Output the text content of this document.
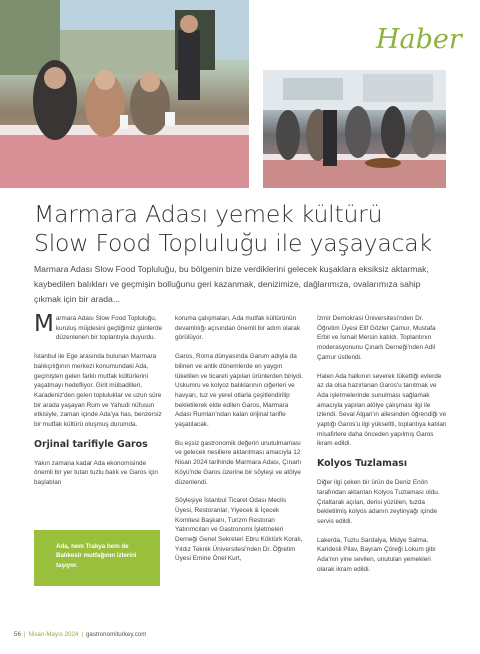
Haber
Marmara Adası yemek kültürü
Slow Food Topluluğu ile yaşayacak
Marmara Adası Slow Food Topluluğu, bu bölgenin bize verdiklerini gelecek kuşaklara eksiksiz aktarmak, kaybedilen balıkları ve geçmişin bolluğunu geri kazanmak, denizimize, dağlarımıza, ovalarımıza sahip çıkmak için bir arada...

Marmara Adası Slow Food Topluluğu, kuruluş müjdesini geçtiğimiz günlerde düzenlenen bir toplantıyla duyurdu.

İstanbul ile Ege arasında bulunan Marmara balıkçılığının merkezi konumundaki Ada, geçmişten gelen farklı mutfak kültürlerini yaşatmayı hedefliyor. Girit mübadilleri, Karadeniz'den gelen topluluklar ve uzun süre bir arada yaşayan Rum ve Yahudi nüfusun etkisiyle, zaman içinde Ada'ya has, benzersiz bir mutfak kültürü oluşmuş durumda.

Orjinal tarifiyle Garos

Yakın zamana kadar Ada ekonomisinde önemli bir yer tutan tuzlu balık ve Garos için başlatılan

Ada, hem Trakya hem de Balıkesir mutfağının izlerini taşıyor.

koruma çalışmaları, Ada mutfak kültürünün devamlılığı açısından önemli bir adım olarak görülüyor.

Garos, Roma dünyasında Garum adıyla da bilinen ve antik dönemlerde en yaygın tüketilen ve ticareti yapılan ürünlerden biriydi. Uskumru ve kolyoz balıklarının ciğerleri ve havyarı, tuz ve yerel otlarla çeşitlendirilip bekletilerek elde edilen Garos, Marmara Adası Rumları'ndan kalan orijinal tarifle yaşatılacak.

Bu eşsiz gastronomik değerin unutulmaması ve gelecek nesillere aktarılması amacıyla 12 Nisan 2024 tarihinde Marmara Adası, Çınarlı Köyü'nde Garos üzerine bir söyleşi ve atölye düzenlendi.

Söyleşiye İstanbul Ticaret Odası Meclis Üyesi, Restoranlar, Yiyecek & İçecek Komitesi Başkanı, Turizm Restoran Yatırımcıları ve Gastronomi İşletmeleri Derneği Genel Sekreteri Ebru Köktürk Koralı, Yıldız Teknik Üniversitesi'nden Dr. Öğretim Üyesi Emine Önel Kurt,

İzmir Demokrasi Üniversitesi'nden Dr. Öğretim Üyesi Elif Gözler Çamur, Mustafa Erbil ve İsmail Mersin katıldı. Toplantının moderasyonunu Çınarlı Derneği'nden Adil Çamur üstlendi.

Halen Ada halkının severek tükettiği evlerde az da olsa hazırlanan Garos'u tanıtmak ve Ada işletmelerinde sunulması sağlamak amacıyla yapılan atölye çalışması ilgi ile izlendi. Seval Algan'ın ailesinden öğrendiği ve yaptığı Garos'u ilgi yükseltti, toplantıya katılan misafirlere daha önceden yapılmış Garos ikram edildi.

Kolyos Tuzlaması

Diğer ilgi çeken bir ürün de Deniz Enön tarafından aktarılan Kolyos Tuzlaması oldu. Çıtaltarak açılan, derisi yüzülen, tuzda bekletilmiş kolyos adanın zeytinyağı içinde servis edildi.

Lakerda, Tuzlu Sardalya, Midye Salma, Karidesli Pilav, Bayram Çöreği Lokum gibi Ada'nın yine sevilen, unutulan yemekleri olarak ikram edildi.

56 | Nisan-Mayıs 2024 | gastronomiturkey.com
